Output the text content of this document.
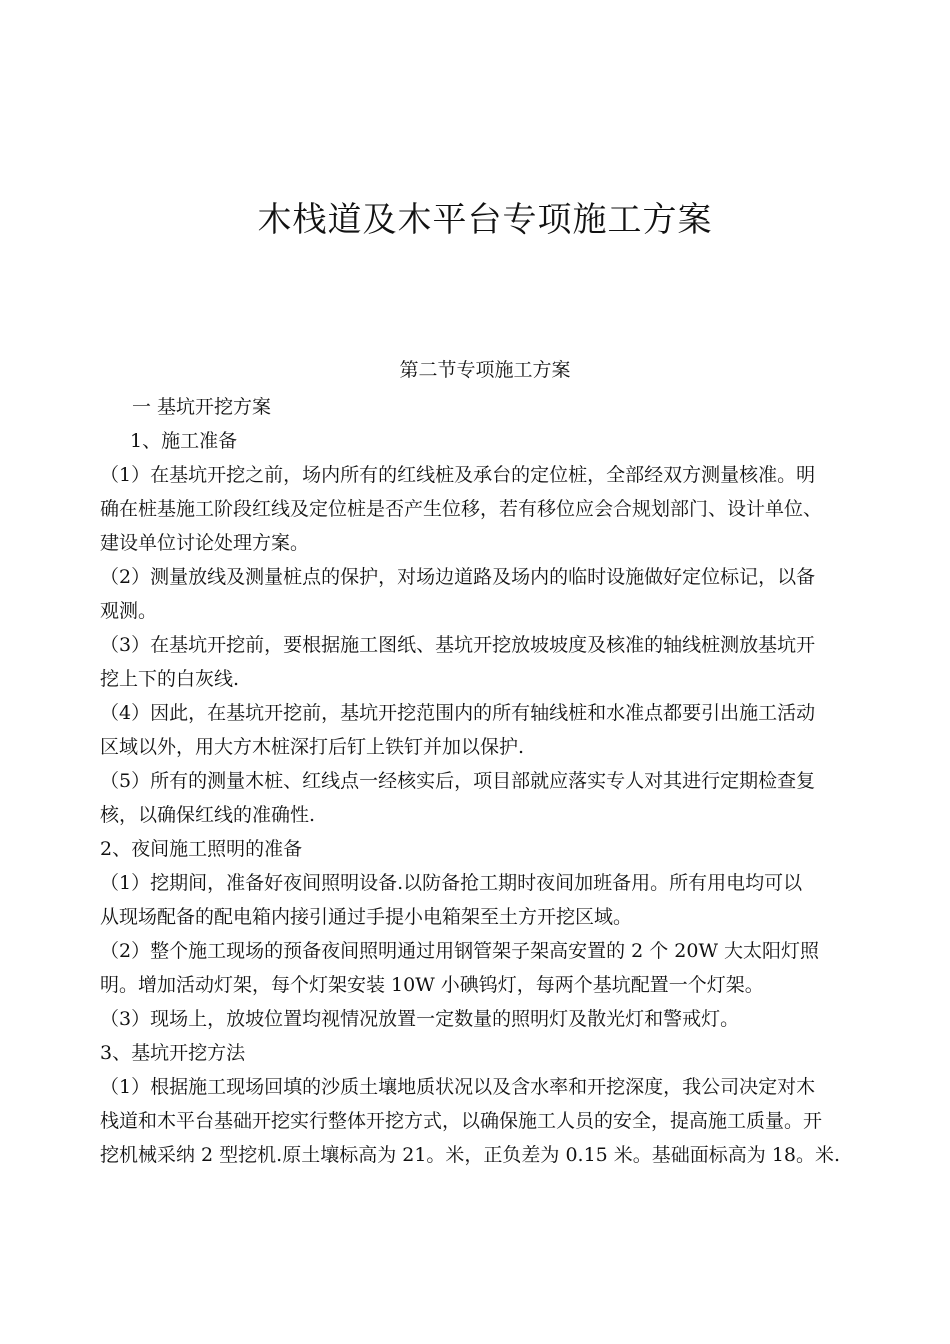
木栈道及木平台专项施工方案
第二节专项施工方案
一 基坑开挖方案
1、施工准备
（1）在基坑开挖之前，场内所有的红线桩及承台的定位桩，全部经双方测量核准。明
确在桩基施工阶段红线及定位桩是否产生位移，若有移位应会合规划部门、设计单位、
建设单位讨论处理方案。
（2）测量放线及测量桩点的保护，对场边道路及场内的临时设施做好定位标记，以备
观测。
（3）在基坑开挖前，要根据施工图纸、基坑开挖放坡坡度及核准的轴线桩测放基坑开
挖上下的白灰线.
（4）因此，在基坑开挖前，基坑开挖范围内的所有轴线桩和水准点都要引出施工活动
区域以外，用大方木桩深打后钉上铁钉并加以保护.
（5）所有的测量木桩、红线点一经核实后，项目部就应落实专人对其进行定期检查复
核，以确保红线的准确性.
2、夜间施工照明的准备
（1）挖期间，准备好夜间照明设备.以防备抢工期时夜间加班备用。所有用电均可以
从现场配备的配电箱内接引通过手提小电箱架至土方开挖区域。
（2）整个施工现场的预备夜间照明通过用钢管架子架高安置的 2 个 20W 大太阳灯照
明。增加活动灯架，每个灯架安装 10W 小碘钨灯，每两个基坑配置一个灯架。
（3）现场上，放坡位置均视情况放置一定数量的照明灯及散光灯和警戒灯。
3、基坑开挖方法
（1）根据施工现场回填的沙质土壤地质状况以及含水率和开挖深度，我公司决定对木
栈道和木平台基础开挖实行整体开挖方式，以确保施工人员的安全，提高施工质量。开
挖机械采纳 2 型挖机.原土壤标高为 21。米，正负差为 0.15 米。基础面标高为 18。米.
